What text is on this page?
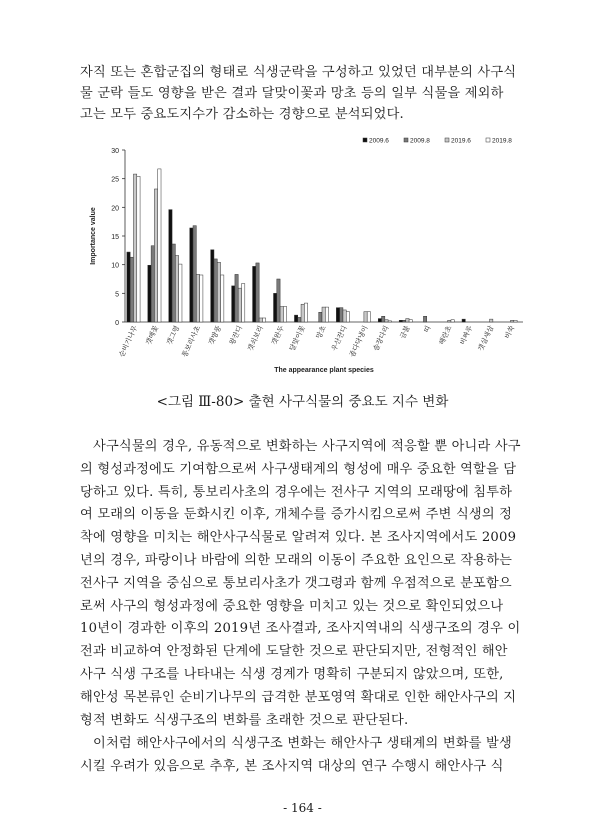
자직 또는 혼합군집의 형태로 식생군락을 구성하고 있었던 대부분의 사구식
물 군락 들도 영향을 받은 결과 달맞이꽃과 망초 등의 일부 식물을 제외하
고는 모두 중요도지수가 감소하는 경향으로 분석되었다.
0
5
10
15
20
25
30
Importance value
순비기나무 갯메꽃 갯그령 통보리사초 갯방풍 왕잔디 갯쇠보리 갯완두 달맞이꽃 망초 우산잔디 좀다닥냉이 솔장다리 금불 띠 해란초 비짜루 갯실새삼 비쑥
The appearance plant species
2009.6	2009.8	2019.6	2019.8
<그림 Ⅲ-80> 출현 사구식물의 중요도 지수 변화
사구식물의 경우, 유동적으로 변화하는 사구지역에 적응할 뿐 아니라 사구
의 형성과정에도 기여함으로써 사구생태계의 형성에 매우 중요한 역할을 담
당하고 있다. 특히, 통보리사초의 경우에는 전사구 지역의 모래땅에 침투하
여 모래의 이동을 둔화시킨 이후, 개체수를 증가시킴으로써 주변 식생의 정
착에 영향을 미치는 해안사구식물로 알려져 있다. 본 조사지역에서도 2009
년의 경우, 파랑이나 바람에 의한 모래의 이동이 주요한 요인으로 작용하는
전사구 지역을 중심으로 통보리사초가 갯그령과 함께 우점적으로 분포함으
로써 사구의 형성과정에 중요한 영향을 미치고 있는 것으로 확인되었으나
10년이 경과한 이후의 2019년 조사결과, 조사지역내의 식생구조의 경우 이
전과 비교하여 안정화된 단계에 도달한 것으로 판단되지만, 전형적인 해안
사구 식생 구조를 나타내는 식생 경계가 명확히 구분되지 않았으며, 또한,
해안성 목본류인 순비기나무의 급격한 분포영역 확대로 인한 해안사구의 지
형적 변화도 식생구조의 변화를 초래한 것으로 판단된다.
이처럼 해안사구에서의 식생구조 변화는 해안사구 생태계의 변화를 발생
시킬 우려가 있음으로 추후, 본 조사지역 대상의 연구 수행시 해안사구 식
- 164 -
